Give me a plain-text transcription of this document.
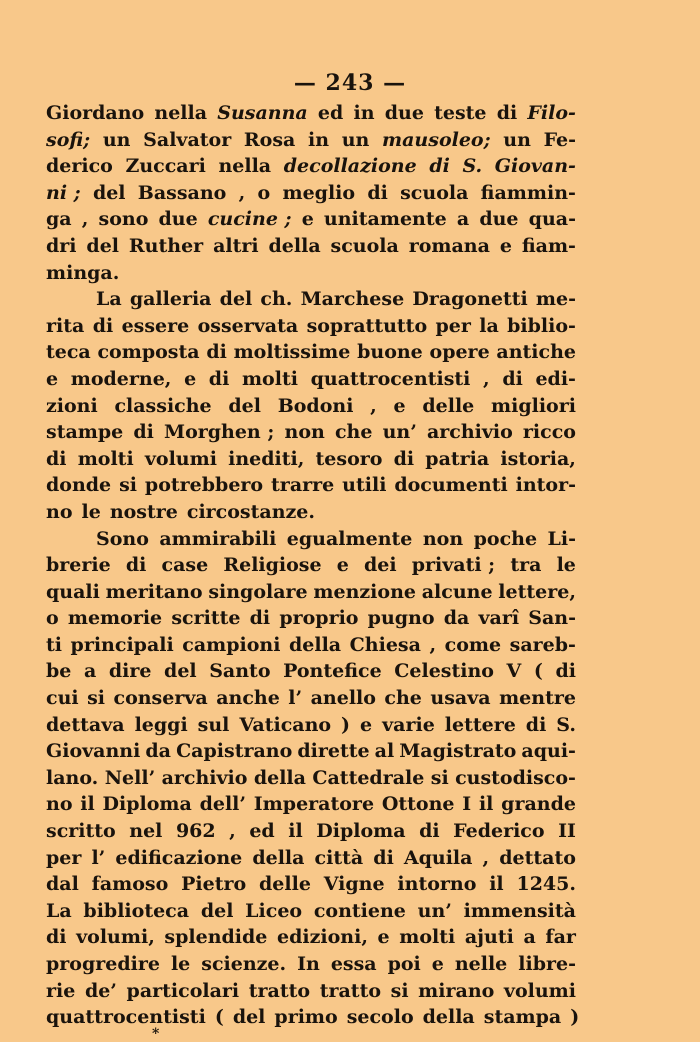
— 243 —
Giordano nella Susanna ed in due teste di Filo-
sofi; un Salvator Rosa in un mausoleo; un Fe-
derico Zuccari nella decollazione di S. Giovan-
ni ; del Bassano , o meglio di scuola fiammin-
ga , sono due cucine ; e unitamente a due qua-
dri del Ruther altri della scuola romana e fiam-
minga.
La galleria del ch. Marchese Dragonetti me-
rita di essere osservata soprattutto per la biblio-
teca composta di moltissime buone opere antiche
e moderne, e di molti quattrocentisti , di edi-
zioni classiche del Bodoni , e delle migliori
stampe di Morghen ; non che un’ archivio ricco
di molti volumi inediti, tesoro di patria istoria,
donde si potrebbero trarre utili documenti intor-
no le nostre circostanze.
Sono ammirabili egualmente non poche Li-
brerie di case Religiose e dei privati ; tra le
quali meritano singolare menzione alcune lettere,
o memorie scritte di proprio pugno da varî San-
ti principali campioni della Chiesa , come sareb-
be a dire del Santo Pontefice Celestino V ( di
cui si conserva anche l’ anello che usava mentre
dettava leggi sul Vaticano ) e varie lettere di S.
Giovanni da Capistrano dirette al Magistrato aqui-
lano. Nell’ archivio della Cattedrale si custodisco-
no il Diploma dell’ Imperatore Ottone I il grande
scritto nel 962 , ed il Diploma di Federico II
per l’ edificazione della città di Aquila , dettato
dal famoso Pietro delle Vigne intorno il 1245.
La biblioteca del Liceo contiene un’ immensità
di volumi, splendide edizioni, e molti ajuti a far
progredire le scienze. In essa poi e nelle libre-
rie de’ particolari tratto tratto si mirano volumi
quattrocentisti ( del primo secolo della stampa )
*
